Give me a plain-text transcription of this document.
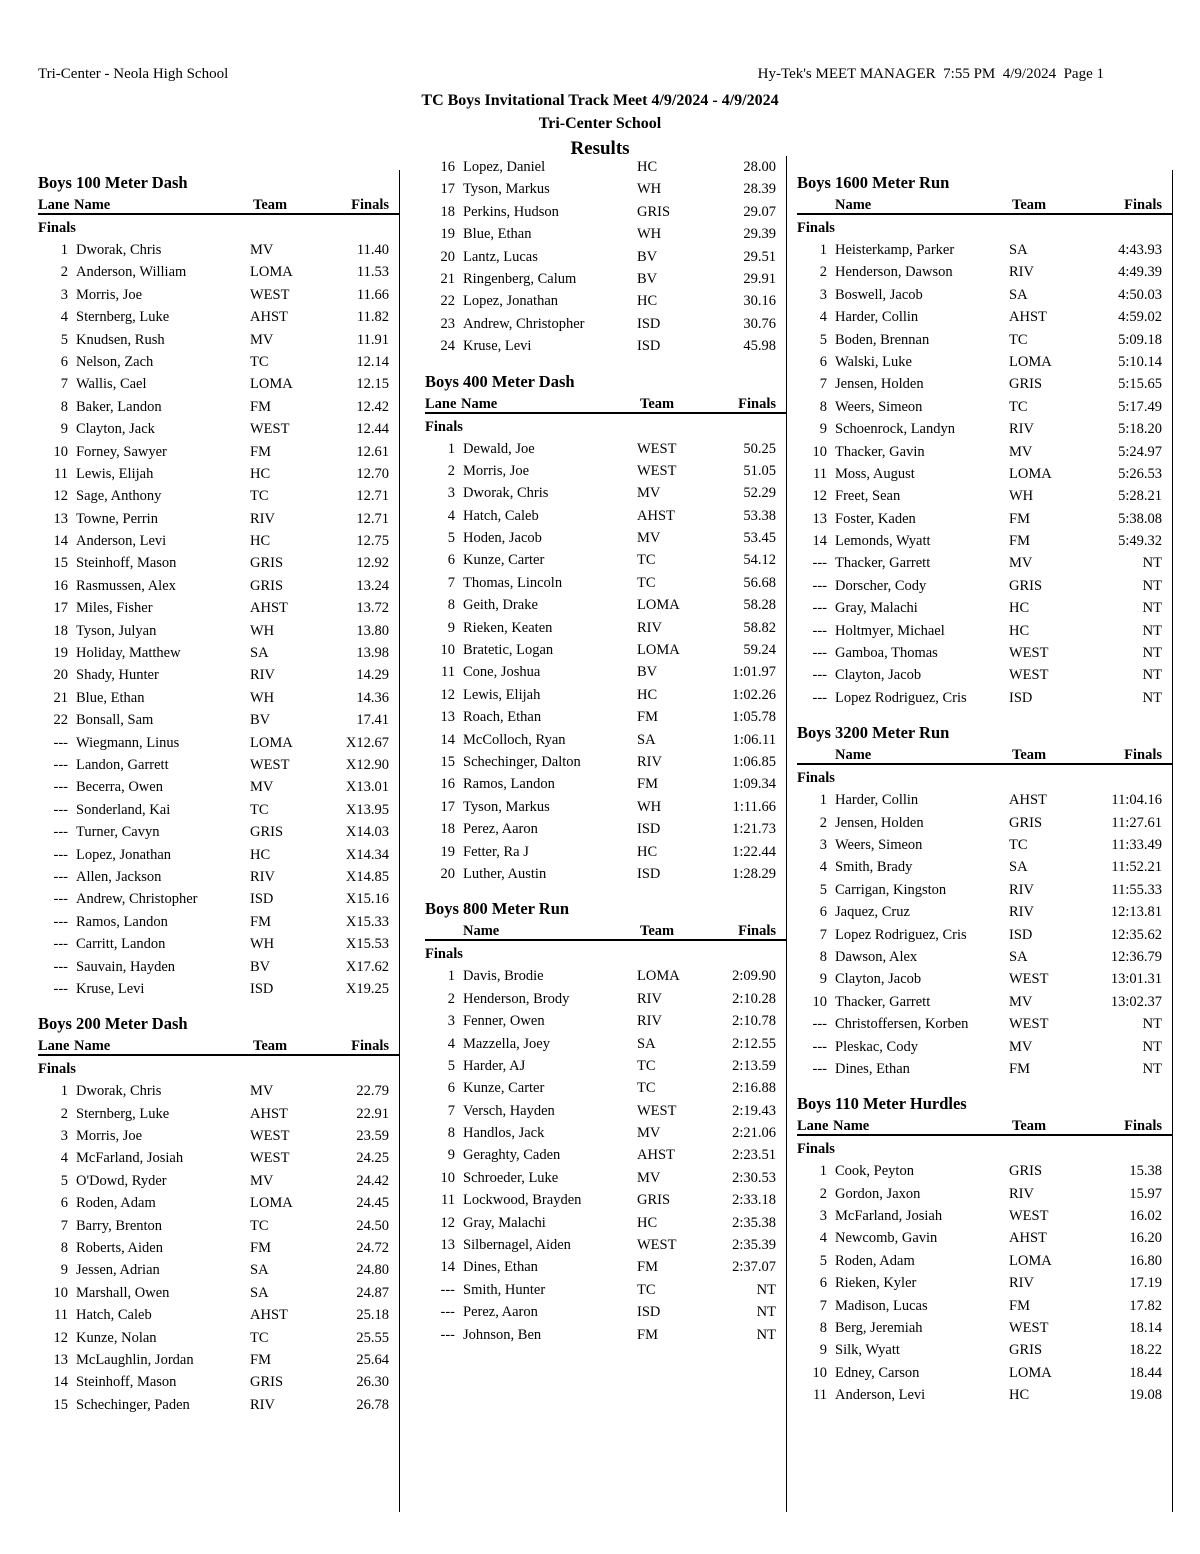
Tri-Center - Neola High School	Hy-Tek's MEET MANAGER  7:55 PM  4/9/2024  Page 1
TC Boys Invitational Track Meet 4/9/2024 - 4/9/2024
Tri-Center School
Results
Boys 100 Meter Dash
Lane Name	Team	Finals
Finals
1 Dworak, Chris	MV	11.40
2 Anderson, William	LOMA	11.53
3 Morris, Joe	WEST	11.66
4 Sternberg, Luke	AHST	11.82
5 Knudsen, Rush	MV	11.91
6 Nelson, Zach	TC	12.14
7 Wallis, Cael	LOMA	12.15
8 Baker, Landon	FM	12.42
9 Clayton, Jack	WEST	12.44
10 Forney, Sawyer	FM	12.61
11 Lewis, Elijah	HC	12.70
12 Sage, Anthony	TC	12.71
13 Towne, Perrin	RIV	12.71
14 Anderson, Levi	HC	12.75
15 Steinhoff, Mason	GRIS	12.92
16 Rasmussen, Alex	GRIS	13.24
17 Miles, Fisher	AHST	13.72
18 Tyson, Julyan	WH	13.80
19 Holiday, Matthew	SA	13.98
20 Shady, Hunter	RIV	14.29
21 Blue, Ethan	WH	14.36
22 Bonsall, Sam	BV	17.41
--- Wiegmann, Linus	LOMA	X12.67
--- Landon, Garrett	WEST	X12.90
--- Becerra, Owen	MV	X13.01
--- Sonderland, Kai	TC	X13.95
--- Turner, Cavyn	GRIS	X14.03
--- Lopez, Jonathan	HC	X14.34
--- Allen, Jackson	RIV	X14.85
--- Andrew, Christopher	ISD	X15.16
--- Ramos, Landon	FM	X15.33
--- Carritt, Landon	WH	X15.53
--- Sauvain, Hayden	BV	X17.62
--- Kruse, Levi	ISD	X19.25
Boys 200 Meter Dash
Lane Name	Team	Finals
Finals
1 Dworak, Chris	MV	22.79
2 Sternberg, Luke	AHST	22.91
3 Morris, Joe	WEST	23.59
4 McFarland, Josiah	WEST	24.25
5 O'Dowd, Ryder	MV	24.42
6 Roden, Adam	LOMA	24.45
7 Barry, Brenton	TC	24.50
8 Roberts, Aiden	FM	24.72
9 Jessen, Adrian	SA	24.80
10 Marshall, Owen	SA	24.87
11 Hatch, Caleb	AHST	25.18
12 Kunze, Nolan	TC	25.55
13 McLaughlin, Jordan	FM	25.64
14 Steinhoff, Mason	GRIS	26.30
15 Schechinger, Paden	RIV	26.78
16 Lopez, Daniel	HC	28.00
17 Tyson, Markus	WH	28.39
18 Perkins, Hudson	GRIS	29.07
19 Blue, Ethan	WH	29.39
20 Lantz, Lucas	BV	29.51
21 Ringenberg, Calum	BV	29.91
22 Lopez, Jonathan	HC	30.16
23 Andrew, Christopher	ISD	30.76
24 Kruse, Levi	ISD	45.98
Boys 400 Meter Dash
Lane Name	Team	Finals
Finals
1 Dewald, Joe	WEST	50.25
2 Morris, Joe	WEST	51.05
3 Dworak, Chris	MV	52.29
4 Hatch, Caleb	AHST	53.38
5 Hoden, Jacob	MV	53.45
6 Kunze, Carter	TC	54.12
7 Thomas, Lincoln	TC	56.68
8 Geith, Drake	LOMA	58.28
9 Rieken, Keaten	RIV	58.82
10 Bratetic, Logan	LOMA	59.24
11 Cone, Joshua	BV	1:01.97
12 Lewis, Elijah	HC	1:02.26
13 Roach, Ethan	FM	1:05.78
14 McColloch, Ryan	SA	1:06.11
15 Schechinger, Dalton	RIV	1:06.85
16 Ramos, Landon	FM	1:09.34
17 Tyson, Markus	WH	1:11.66
18 Perez, Aaron	ISD	1:21.73
19 Fetter, Ra J	HC	1:22.44
20 Luther, Austin	ISD	1:28.29
Boys 800 Meter Run
Name	Team	Finals
Finals
1 Davis, Brodie	LOMA	2:09.90
2 Henderson, Brody	RIV	2:10.28
3 Fenner, Owen	RIV	2:10.78
4 Mazzella, Joey	SA	2:12.55
5 Harder, AJ	TC	2:13.59
6 Kunze, Carter	TC	2:16.88
7 Versch, Hayden	WEST	2:19.43
8 Handlos, Jack	MV	2:21.06
9 Geraghty, Caden	AHST	2:23.51
10 Schroeder, Luke	MV	2:30.53
11 Lockwood, Brayden	GRIS	2:33.18
12 Gray, Malachi	HC	2:35.38
13 Silbernagel, Aiden	WEST	2:35.39
14 Dines, Ethan	FM	2:37.07
--- Smith, Hunter	TC	NT
--- Perez, Aaron	ISD	NT
--- Johnson, Ben	FM	NT
Boys 1600 Meter Run
Name	Team	Finals
Finals
1 Heisterkamp, Parker	SA	4:43.93
2 Henderson, Dawson	RIV	4:49.39
3 Boswell, Jacob	SA	4:50.03
4 Harder, Collin	AHST	4:59.02
5 Boden, Brennan	TC	5:09.18
6 Walski, Luke	LOMA	5:10.14
7 Jensen, Holden	GRIS	5:15.65
8 Weers, Simeon	TC	5:17.49
9 Schoenrock, Landyn	RIV	5:18.20
10 Thacker, Gavin	MV	5:24.97
11 Moss, August	LOMA	5:26.53
12 Freet, Sean	WH	5:28.21
13 Foster, Kaden	FM	5:38.08
14 Lemonds, Wyatt	FM	5:49.32
--- Thacker, Garrett	MV	NT
--- Dorscher, Cody	GRIS	NT
--- Gray, Malachi	HC	NT
--- Holtmyer, Michael	HC	NT
--- Gamboa, Thomas	WEST	NT
--- Clayton, Jacob	WEST	NT
--- Lopez Rodriguez, Cris	ISD	NT
Boys 3200 Meter Run
Name	Team	Finals
Finals
1 Harder, Collin	AHST	11:04.16
2 Jensen, Holden	GRIS	11:27.61
3 Weers, Simeon	TC	11:33.49
4 Smith, Brady	SA	11:52.21
5 Carrigan, Kingston	RIV	11:55.33
6 Jaquez, Cruz	RIV	12:13.81
7 Lopez Rodriguez, Cris	ISD	12:35.62
8 Dawson, Alex	SA	12:36.79
9 Clayton, Jacob	WEST	13:01.31
10 Thacker, Garrett	MV	13:02.37
--- Christoffersen, Korben	WEST	NT
--- Pleskac, Cody	MV	NT
--- Dines, Ethan	FM	NT
Boys 110 Meter Hurdles
Lane Name	Team	Finals
Finals
1 Cook, Peyton	GRIS	15.38
2 Gordon, Jaxon	RIV	15.97
3 McFarland, Josiah	WEST	16.02
4 Newcomb, Gavin	AHST	16.20
5 Roden, Adam	LOMA	16.80
6 Rieken, Kyler	RIV	17.19
7 Madison, Lucas	FM	17.82
8 Berg, Jeremiah	WEST	18.14
9 Silk, Wyatt	GRIS	18.22
10 Edney, Carson	LOMA	18.44
11 Anderson, Levi	HC	19.08
